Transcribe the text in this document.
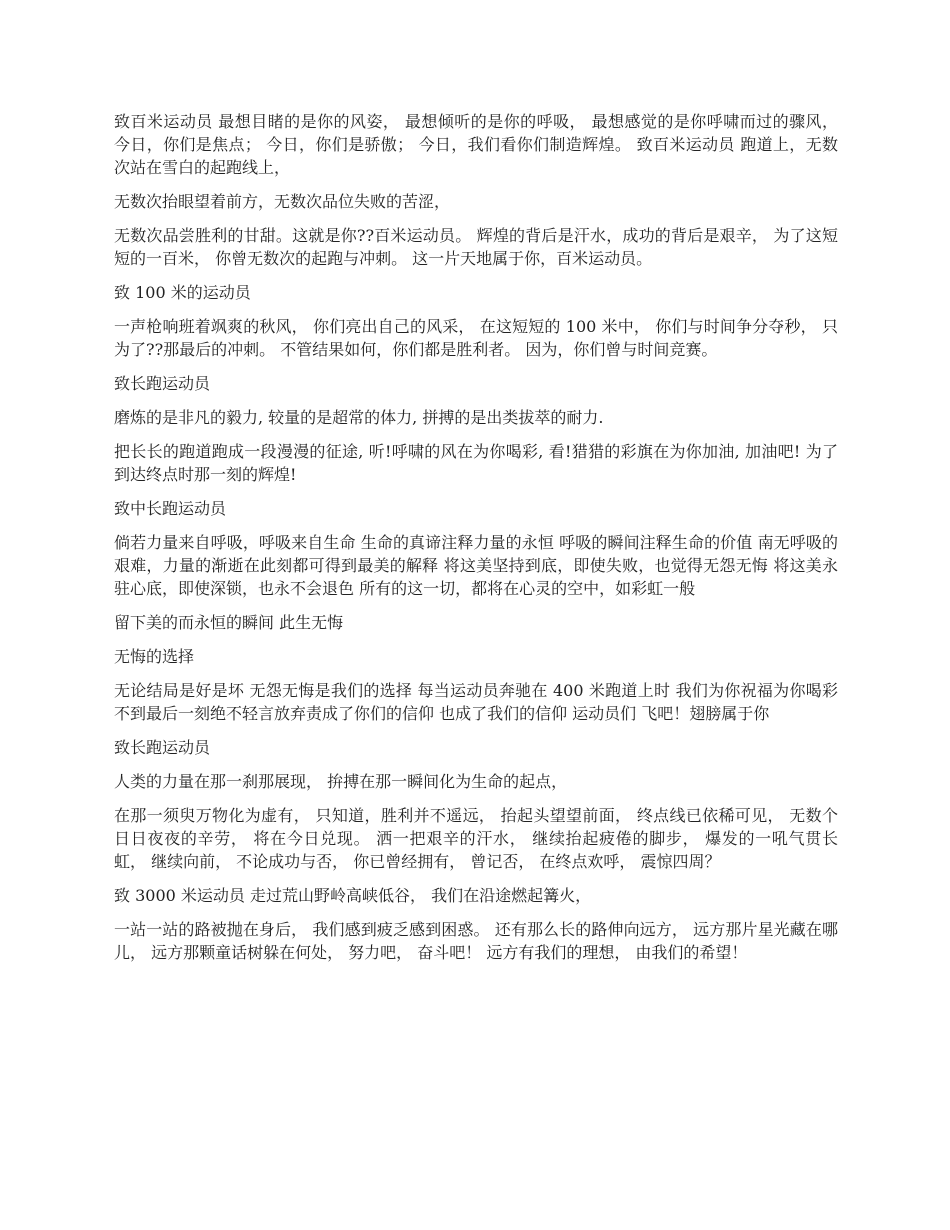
致百米运动员 最想目睹的是你的风姿， 最想倾听的是你的呼吸， 最想感觉的是你呼啸而过的骤风， 今日，你们是焦点； 今日，你们是骄傲； 今日，我们看你们制造辉煌。 致百米运动员 跑道上，无数次站在雪白的起跑线上，

无数次抬眼望着前方，无数次品位失败的苦涩，

无数次品尝胜利的甘甜。这就是你??百米运动员。 辉煌的背后是汗水，成功的背后是艰辛， 为了这短短的一百米， 你曾无数次的起跑与冲刺。 这一片天地属于你，百米运动员。

致 100 米的运动员

一声枪响班着飒爽的秋风， 你们亮出自己的风采， 在这短短的 100 米中， 你们与时间争分夺秒， 只为了??那最后的冲刺。 不管结果如何，你们都是胜利者。 因为，你们曾与时间竞赛。

致长跑运动员

磨炼的是非凡的毅力, 较量的是超常的体力, 拼搏的是出类拔萃的耐力.

把长长的跑道跑成一段漫漫的征途, 听!呼啸的风在为你喝彩, 看!猎猎的彩旗在为你加油, 加油吧! 为了到达终点时那一刻的辉煌!

致中长跑运动员

倘若力量来自呼吸，呼吸来自生命 生命的真谛注释力量的永恒 呼吸的瞬间注释生命的价值 南无呼吸的艰难，力量的渐逝在此刻都可得到最美的解释 将这美坚持到底，即使失败，也觉得无怨无悔 将这美永驻心底，即使深锁，也永不会退色 所有的这一切，都将在心灵的空中，如彩虹一般

留下美的而永恒的瞬间 此生无悔

无悔的选择

无论结局是好是坏 无怨无悔是我们的选择 每当运动员奔驰在 400 米跑道上时 我们为你祝福为你喝彩 不到最后一刻绝不轻言放弃责成了你们的信仰 也成了我们的信仰 运动员们 飞吧！翅膀属于你

致长跑运动员

人类的力量在那一刹那展现， 拚搏在那一瞬间化为生命的起点，

在那一须臾万物化为虚有， 只知道，胜利并不遥远， 抬起头望望前面， 终点线已依稀可见， 无数个日日夜夜的辛劳， 将在今日兑现。 洒一把艰辛的汗水， 继续抬起疲倦的脚步， 爆发的一吼气贯长虹， 继续向前， 不论成功与否， 你已曾经拥有， 曾记否， 在终点欢呼， 震惊四周？

致 3000 米运动员 走过荒山野岭高峡低谷， 我们在沿途燃起篝火，

一站一站的路被抛在身后， 我们感到疲乏感到困惑。 还有那么长的路伸向远方， 远方那片星光藏在哪儿， 远方那颗童话树躲在何处， 努力吧， 奋斗吧！ 远方有我们的理想， 由我们的希望！
